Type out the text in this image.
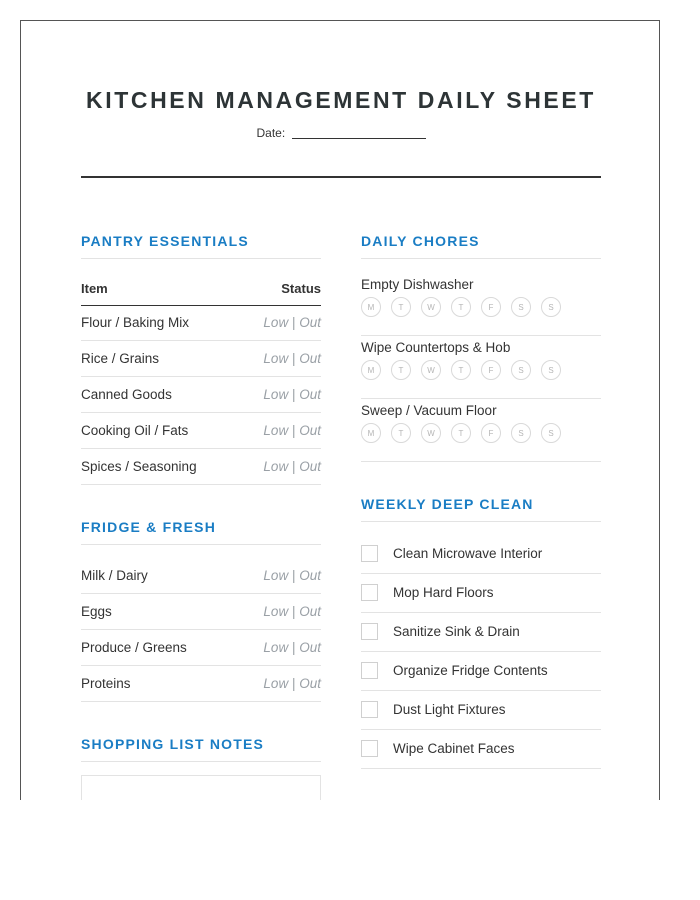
KITCHEN MANAGEMENT DAILY SHEET
Date:
PANTRY ESSENTIALS
Item	Status
Flour / Baking Mix	Low | Out
Rice / Grains	Low | Out
Canned Goods	Low | Out
Cooking Oil / Fats	Low | Out
Spices / Seasoning	Low | Out
FRIDGE & FRESH
Milk / Dairy	Low | Out
Eggs	Low | Out
Produce / Greens	Low | Out
Proteins	Low | Out
SHOPPING LIST NOTES
DAILY CHORES
Empty Dishwasher
M	T	W	T	F	S	S
Wipe Countertops & Hob
M	T	W	T	F	S	S
Sweep / Vacuum Floor
M	T	W	T	F	S	S
WEEKLY DEEP CLEAN
Clean Microwave Interior
Mop Hard Floors
Sanitize Sink & Drain
Organize Fridge Contents
Dust Light Fixtures
Wipe Cabinet Faces
